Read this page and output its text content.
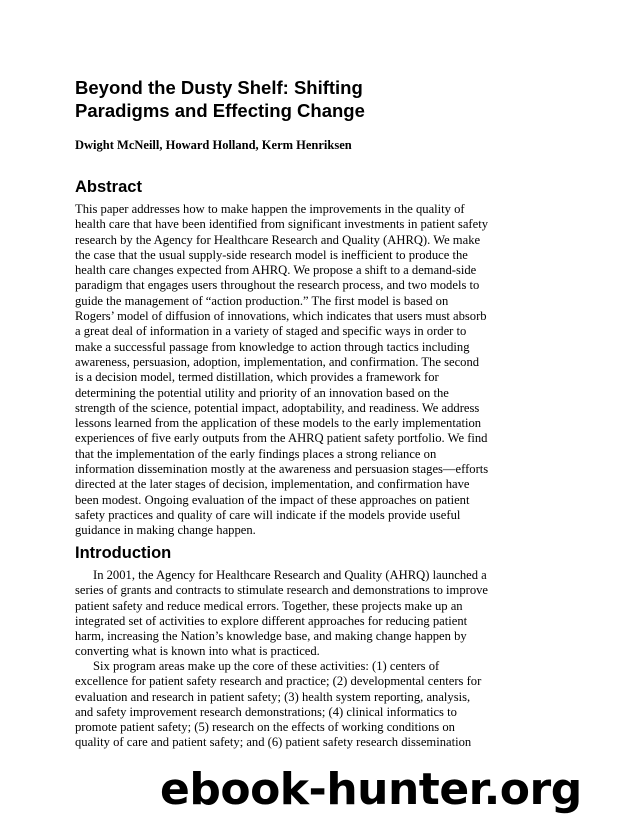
Beyond the Dusty Shelf: Shifting
Paradigms and Effecting Change

Dwight McNeill, Howard Holland, Kerm Henriksen

Abstract
This paper addresses how to make happen the improvements in the quality of
health care that have been identified from significant investments in patient safety
research by the Agency for Healthcare Research and Quality (AHRQ). We make
the case that the usual supply-side research model is inefficient to produce the
health care changes expected from AHRQ. We propose a shift to a demand-side
paradigm that engages users throughout the research process, and two models to
guide the management of “action production.” The first model is based on
Rogers’ model of diffusion of innovations, which indicates that users must absorb
a great deal of information in a variety of staged and specific ways in order to
make a successful passage from knowledge to action through tactics including
awareness, persuasion, adoption, implementation, and confirmation. The second
is a decision model, termed distillation, which provides a framework for
determining the potential utility and priority of an innovation based on the
strength of the science, potential impact, adoptability, and readiness. We address
lessons learned from the application of these models to the early implementation
experiences of five early outputs from the AHRQ patient safety portfolio. We find
that the implementation of the early findings places a strong reliance on
information dissemination mostly at the awareness and persuasion stages—efforts
directed at the later stages of decision, implementation, and confirmation have
been modest. Ongoing evaluation of the impact of these approaches on patient
safety practices and quality of care will indicate if the models provide useful
guidance in making change happen.
Introduction
In 2001, the Agency for Healthcare Research and Quality (AHRQ) launched a
series of grants and contracts to stimulate research and demonstrations to improve
patient safety and reduce medical errors. Together, these projects make up an
integrated set of activities to explore different approaches for reducing patient
harm, increasing the Nation’s knowledge base, and making change happen by
converting what is known into what is practiced.
Six program areas make up the core of these activities: (1) centers of
excellence for patient safety research and practice; (2) developmental centers for
evaluation and research in patient safety; (3) health system reporting, analysis,
and safety improvement research demonstrations; (4) clinical informatics to
promote patient safety; (5) research on the effects of working conditions on
quality of care and patient safety; and (6) patient safety research dissemination
ebook-hunter.org
